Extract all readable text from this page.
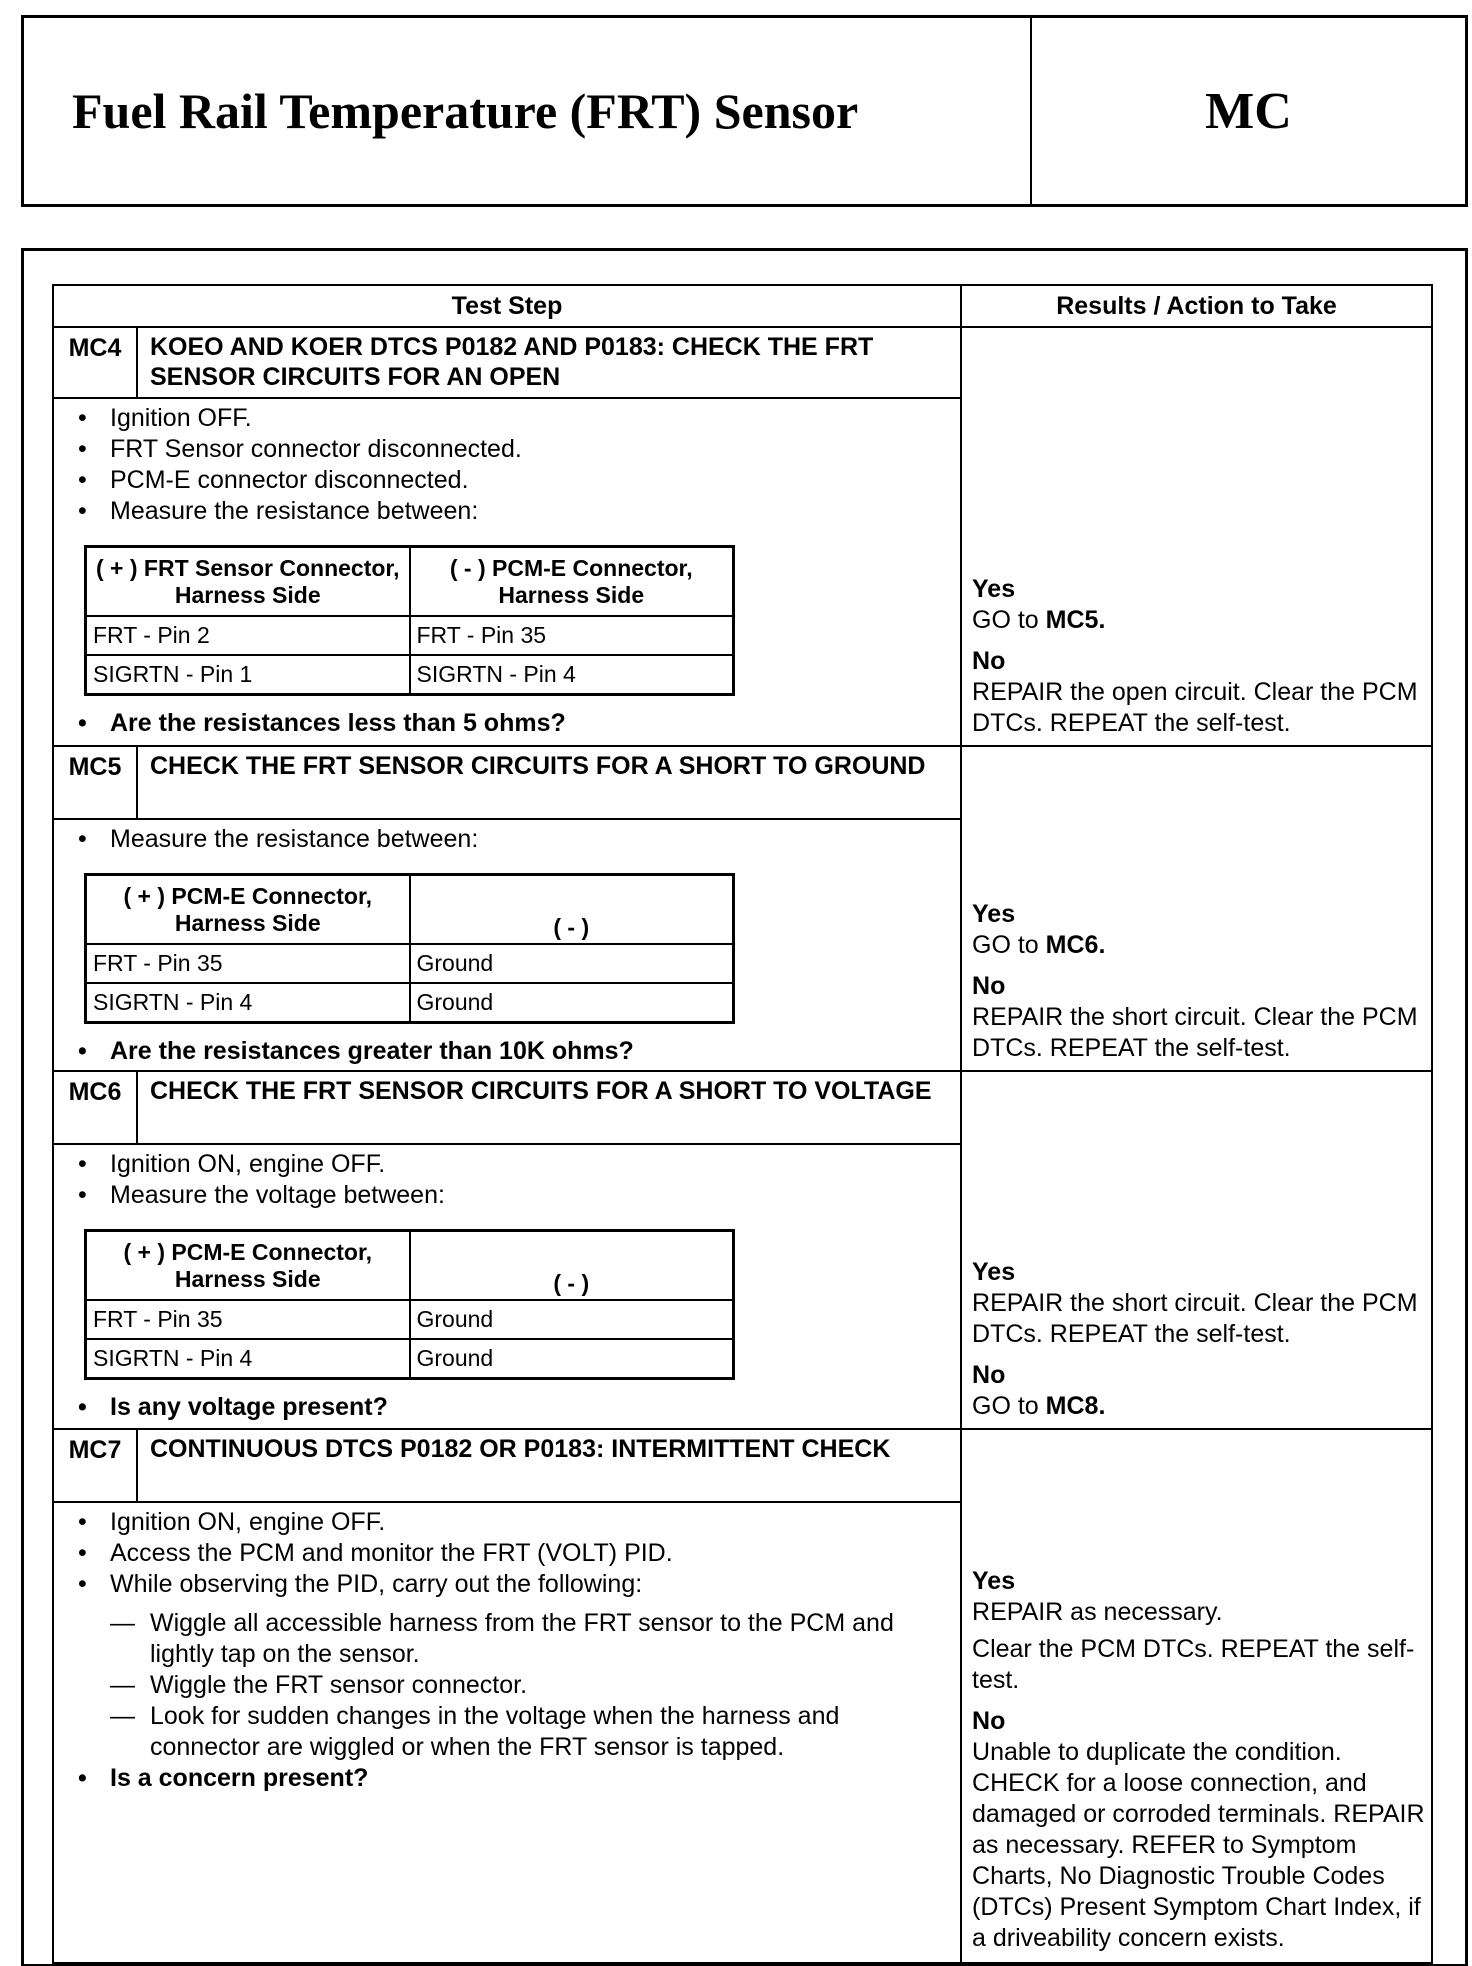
Fuel Rail Temperature (FRT) Sensor	MC
Test Step	Results / Action to Take
MC4	KOEO AND KOER DTCS P0182 AND P0183: CHECK THE FRT SENSOR CIRCUITS FOR AN OPEN	
Yes
GO to MC5.
No
REPAIR the open circuit. Clear the PCM DTCs. REPEAT the self-test.

• Ignition OFF.
• FRT Sensor connector disconnected.
• PCM-E connector disconnected.
• Measure the resistance between:
( + ) FRT Sensor Connector, Harness Side	( - ) PCM-E Connector, Harness Side
FRT - Pin 2	FRT - Pin 35
SIGRTN - Pin 1	SIGRTN - Pin 4
• Are the resistances less than 5 ohms?

MC5	CHECK THE FRT SENSOR CIRCUITS FOR A SHORT TO GROUND	
Yes
GO to MC6.
No
REPAIR the short circuit. Clear the PCM DTCs. REPEAT the self-test.

• Measure the resistance between:
( + ) PCM-E Connector, Harness Side	( - )
FRT - Pin 35	Ground
SIGRTN - Pin 4	Ground
• Are the resistances greater than 10K ohms?

MC6	CHECK THE FRT SENSOR CIRCUITS FOR A SHORT TO VOLTAGE	
Yes
REPAIR the short circuit. Clear the PCM DTCs. REPEAT the self-test.
No
GO to MC8.

• Ignition ON, engine OFF.
• Measure the voltage between:
( + ) PCM-E Connector, Harness Side	( - )
FRT - Pin 35	Ground
SIGRTN - Pin 4	Ground
• Is any voltage present?

MC7	CONTINUOUS DTCS P0182 OR P0183: INTERMITTENT CHECK	
Yes
REPAIR as necessary.
Clear the PCM DTCs. REPEAT the self-test.
No
Unable to duplicate the condition. CHECK for a loose connection, and damaged or corroded terminals. REPAIR as necessary. REFER to Symptom Charts, No Diagnostic Trouble Codes (DTCs) Present Symptom Chart Index, if a driveability concern exists.

• Ignition ON, engine OFF.
• Access the PCM and monitor the FRT (VOLT) PID.
• While observing the PID, carry out the following:
— Wiggle all accessible harness from the FRT sensor to the PCM and lightly tap on the sensor.
— Wiggle the FRT sensor connector.
— Look for sudden changes in the voltage when the harness and connector are wiggled or when the FRT sensor is tapped.
• Is a concern present?
